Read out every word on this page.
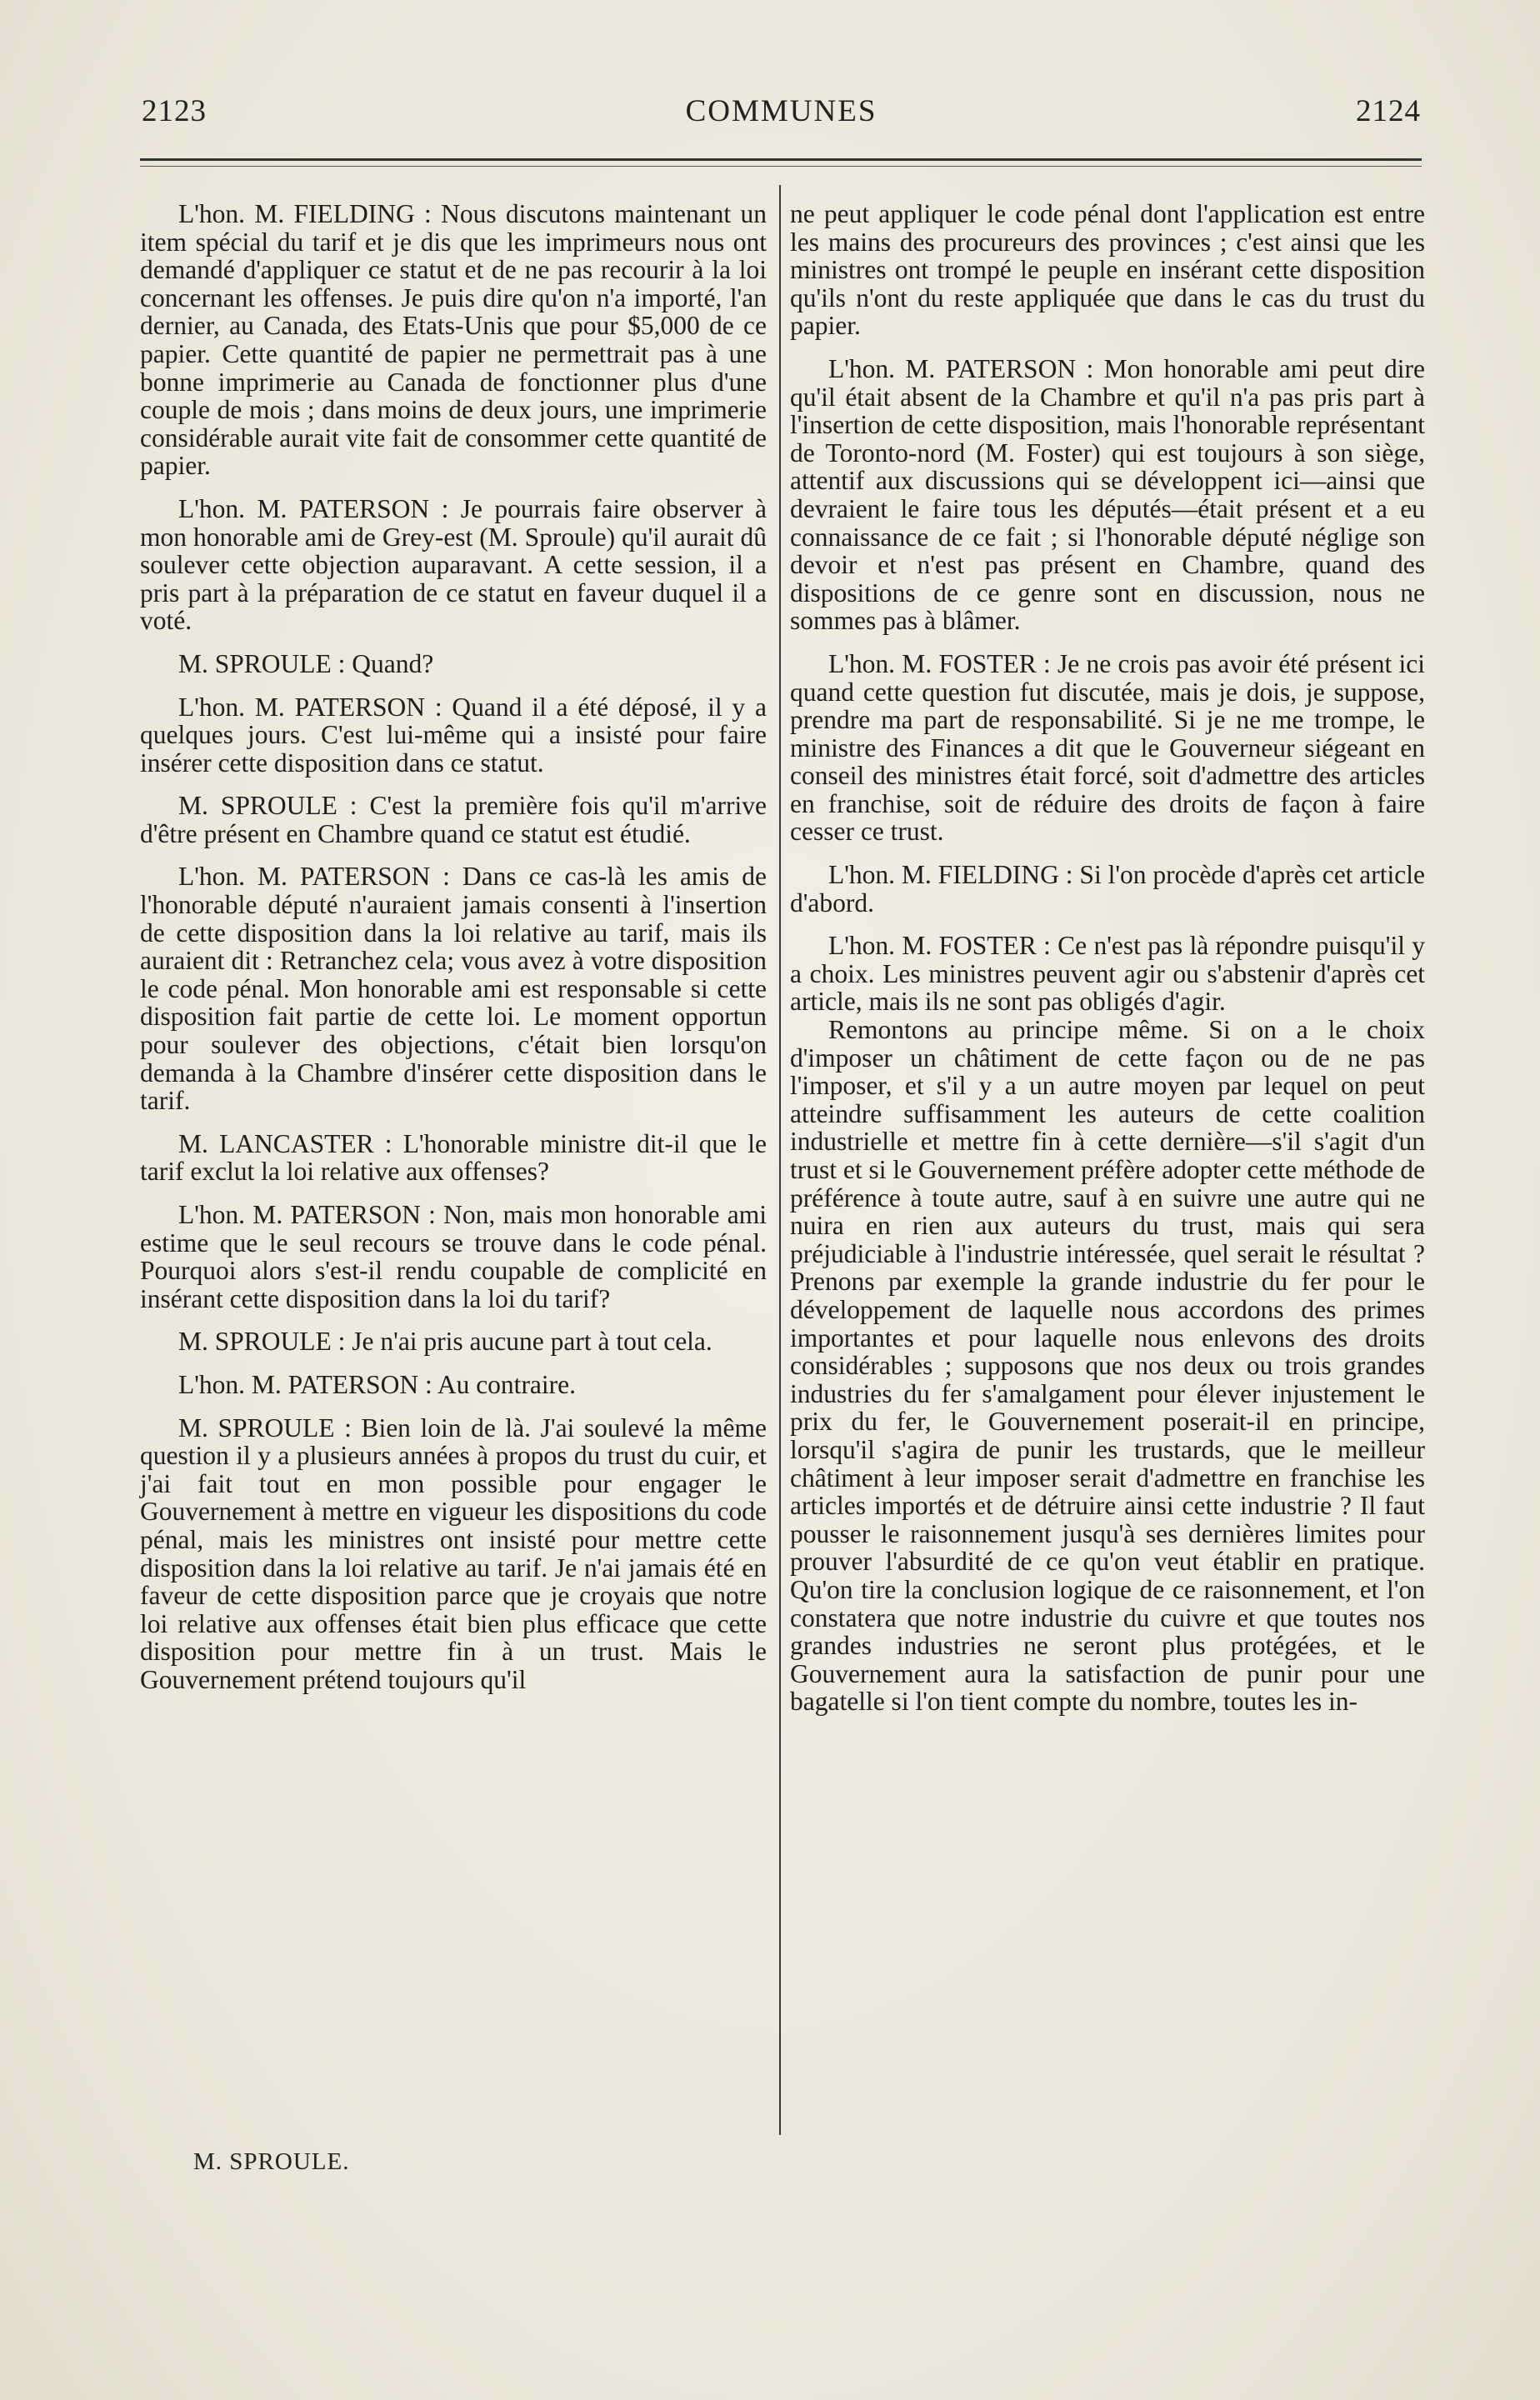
2123	COMMUNES	2124

L'hon. M. FIELDING : Nous discutons maintenant un item spécial du tarif et je dis que les imprimeurs nous ont demandé d'appliquer ce statut et de ne pas recourir à la loi concernant les offenses. Je puis dire qu'on n'a importé, l'an dernier, au Canada, des Etats-Unis que pour $5,000 de ce papier. Cette quantité de papier ne permettrait pas à une bonne imprimerie au Canada de fonctionner plus d'une couple de mois ; dans moins de deux jours, une imprimerie considérable aurait vite fait de consommer cette quantité de papier.

L'hon. M. PATERSON : Je pourrais faire observer à mon honorable ami de Grey-est (M. Sproule) qu'il aurait dû soulever cette objection auparavant. A cette session, il a pris part à la préparation de ce statut en faveur duquel il a voté.

M. SPROULE : Quand?

L'hon. M. PATERSON : Quand il a été déposé, il y a quelques jours. C'est lui-même qui a insisté pour faire insérer cette disposition dans ce statut.

M. SPROULE : C'est la première fois qu'il m'arrive d'être présent en Chambre quand ce statut est étudié.

L'hon. M. PATERSON : Dans ce cas-là les amis de l'honorable député n'auraient jamais consenti à l'insertion de cette disposition dans la loi relative au tarif, mais ils auraient dit : Retranchez cela; vous avez à votre disposition le code pénal. Mon honorable ami est responsable si cette disposition fait partie de cette loi. Le moment opportun pour soulever des objections, c'était bien lorsqu'on demanda à la Chambre d'insérer cette disposition dans le tarif.

M. LANCASTER : L'honorable ministre dit-il que le tarif exclut la loi relative aux offenses?

L'hon. M. PATERSON : Non, mais mon honorable ami estime que le seul recours se trouve dans le code pénal. Pourquoi alors s'est-il rendu coupable de complicité en insérant cette disposition dans la loi du tarif?

M. SPROULE : Je n'ai pris aucune part à tout cela.

L'hon. M. PATERSON : Au contraire.

M. SPROULE : Bien loin de là. J'ai soulevé la même question il y a plusieurs années à propos du trust du cuir, et j'ai fait tout en mon possible pour engager le Gouvernement à mettre en vigueur les dispositions du code pénal, mais les ministres ont insisté pour mettre cette disposition dans la loi relative au tarif. Je n'ai jamais été en faveur de cette disposition parce que je croyais que notre loi relative aux offenses était bien plus efficace que cette disposition pour mettre fin à un trust. Mais le Gouvernement prétend toujours qu'il

ne peut appliquer le code pénal dont l'application est entre les mains des procureurs des provinces ; c'est ainsi que les ministres ont trompé le peuple en insérant cette disposition qu'ils n'ont du reste appliquée que dans le cas du trust du papier.

L'hon. M. PATERSON : Mon honorable ami peut dire qu'il était absent de la Chambre et qu'il n'a pas pris part à l'insertion de cette disposition, mais l'honorable représentant de Toronto-nord (M. Foster) qui est toujours à son siège, attentif aux discussions qui se développent ici—ainsi que devraient le faire tous les députés—était présent et a eu connaissance de ce fait ; si l'honorable député néglige son devoir et n'est pas présent en Chambre, quand des dispositions de ce genre sont en discussion, nous ne sommes pas à blâmer.

L'hon. M. FOSTER : Je ne crois pas avoir été présent ici quand cette question fut discutée, mais je dois, je suppose, prendre ma part de responsabilité. Si je ne me trompe, le ministre des Finances a dit que le Gouverneur siégeant en conseil des ministres était forcé, soit d'admettre des articles en franchise, soit de réduire des droits de façon à faire cesser ce trust.

L'hon. M. FIELDING : Si l'on procède d'après cet article d'abord.

L'hon. M. FOSTER : Ce n'est pas là répondre puisqu'il y a choix. Les ministres peuvent agir ou s'abstenir d'après cet article, mais ils ne sont pas obligés d'agir.

Remontons au principe même. Si on a le choix d'imposer un châtiment de cette façon ou de ne pas l'imposer, et s'il y a un autre moyen par lequel on peut atteindre suffisamment les auteurs de cette coalition industrielle et mettre fin à cette dernière—s'il s'agit d'un trust et si le Gouvernement préfère adopter cette méthode de préférence à toute autre, sauf à en suivre une autre qui ne nuira en rien aux auteurs du trust, mais qui sera préjudiciable à l'industrie intéressée, quel serait le résultat ? Prenons par exemple la grande industrie du fer pour le développement de laquelle nous accordons des primes importantes et pour laquelle nous enlevons des droits considérables ; supposons que nos deux ou trois grandes industries du fer s'amalgament pour élever injustement le prix du fer, le Gouvernement poserait-il en principe, lorsqu'il s'agira de punir les trustards, que le meilleur châtiment à leur imposer serait d'admettre en franchise les articles importés et de détruire ainsi cette industrie ? Il faut pousser le raisonnement jusqu'à ses dernières limites pour prouver l'absurdité de ce qu'on veut établir en pratique. Qu'on tire la conclusion logique de ce raisonnement, et l'on constatera que notre industrie du cuivre et que toutes nos grandes industries ne seront plus protégées, et le Gouvernement aura la satisfaction de punir pour une bagatelle si l'on tient compte du nombre, toutes les in-

M. SPROULE.
